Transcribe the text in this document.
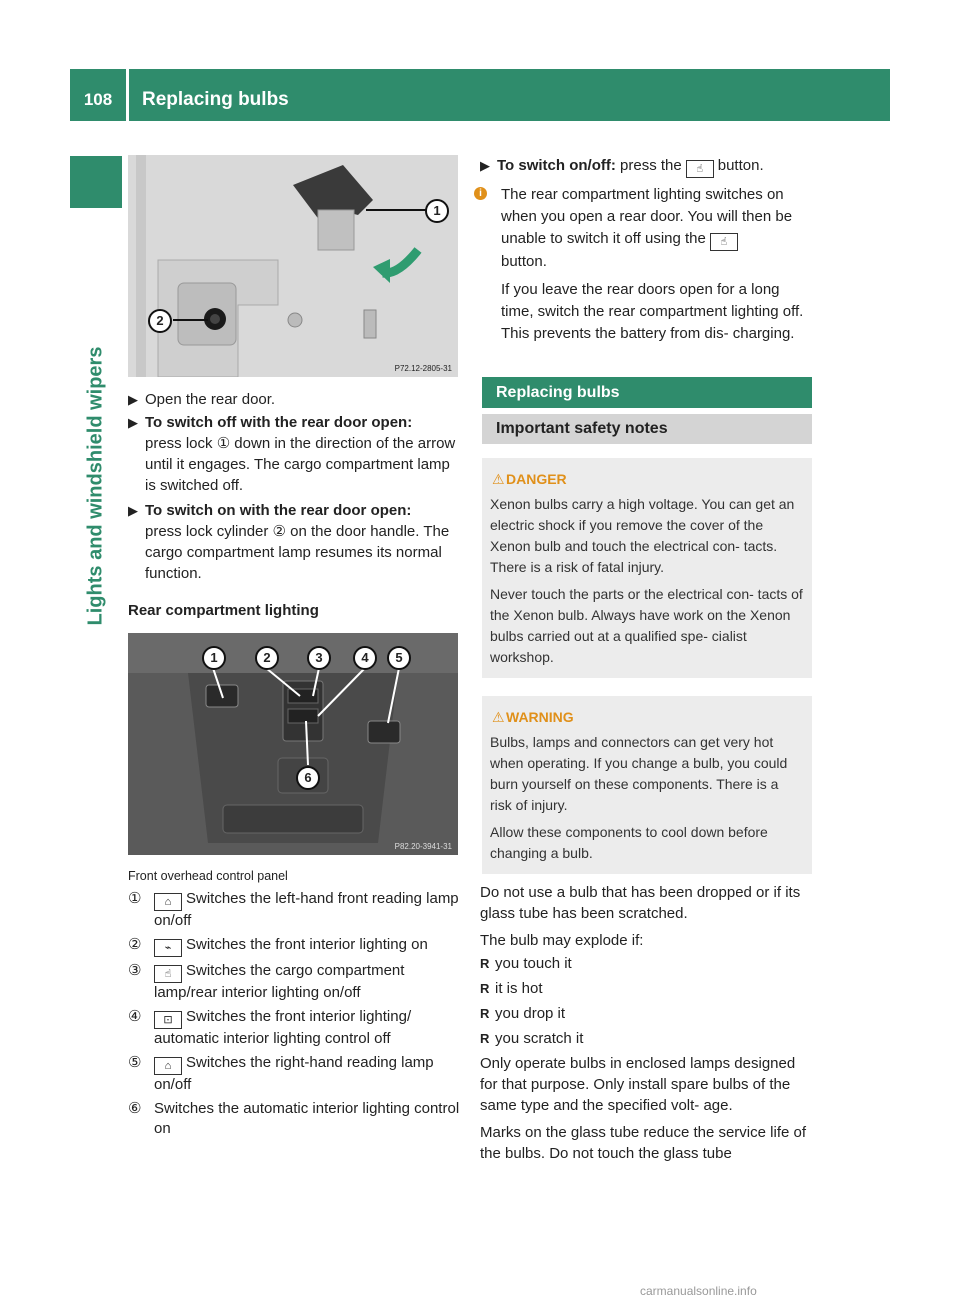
108	Replacing bulbs
Lights and windshield wipers
1
2
P72.12-2805-31
▶ Open the rear door.
▶ To switch off with the rear door open:
press lock ① down in the direction of the arrow until it engages. The cargo compartment lamp is switched off.
▶ To switch on with the rear door open:
press lock cylinder ② on the door handle. The cargo compartment lamp resumes its normal function.
Rear compartment lighting
1	2	3	4	5
6
P82.20-3941-31
Front overhead control panel
① ⌂ Switches the left-hand front reading lamp on/off
② ⌁ Switches the front interior lighting on
③ ☝ Switches the cargo compartment lamp/rear interior lighting on/off
④ ⊡ Switches the front interior lighting/ automatic interior lighting control off
⑤ ⌂ Switches the right-hand reading lamp on/off
⑥ Switches the automatic interior lighting control on
▶ To switch on/off: press the ☝ button.
i	The rear compartment lighting switches on when you open a rear door. You will then be unable to switch it off using the ☝
button.
If you leave the rear doors open for a long time, switch the rear compartment lighting off. This prevents the battery from dis- charging.
Replacing bulbs
Important safety notes
⚠ DANGER

Xenon bulbs carry a high voltage. You can get an electric shock if you remove the cover of the Xenon bulb and touch the electrical con- tacts. There is a risk of fatal injury.

Never touch the parts or the electrical con- tacts of the Xenon bulb. Always have work on the Xenon bulbs carried out at a qualified spe- cialist workshop.

⚠ WARNING

Bulbs, lamps and connectors can get very hot when operating. If you change a bulb, you could burn yourself on these components. There is a risk of injury.

Allow these components to cool down before changing a bulb.

Do not use a bulb that has been dropped or if its glass tube has been scratched.

The bulb may explode if:

R you touch it
R it is hot
R you drop it
R you scratch it

Only operate bulbs in enclosed lamps designed for that purpose. Only install spare bulbs of the same type and the specified volt- age.

Marks on the glass tube reduce the service life of the bulbs. Do not touch the glass tube

carmanualsonline.info
